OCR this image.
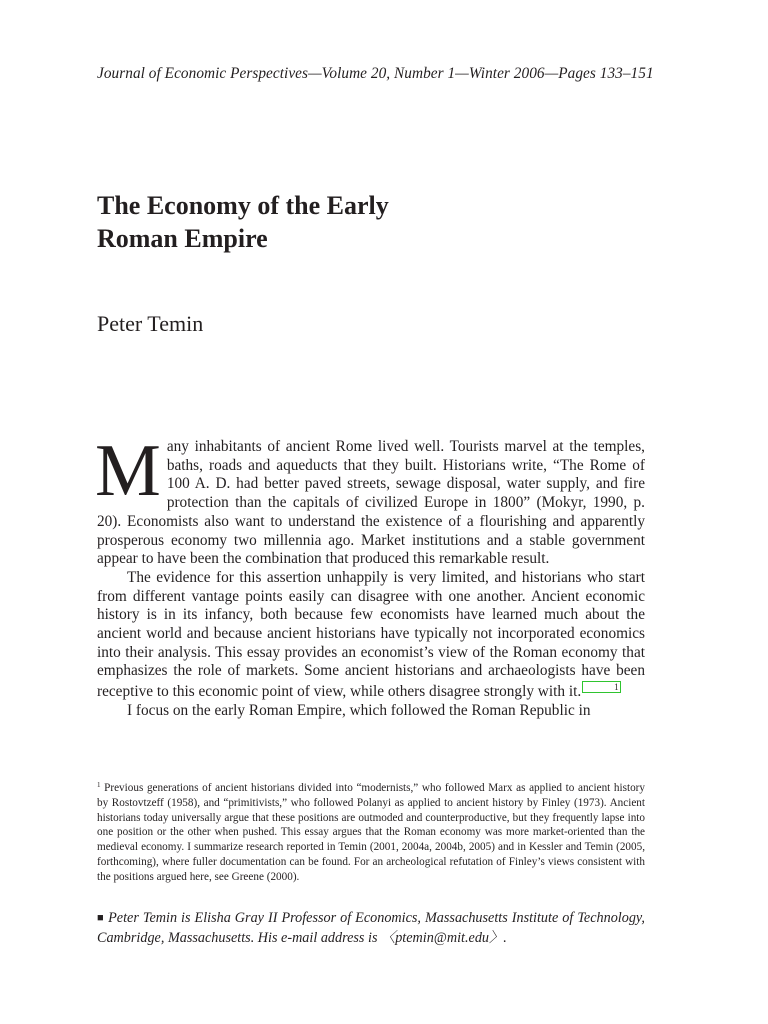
Journal of Economic Perspectives—Volume 20, Number 1—Winter 2006—Pages 133–151
The Economy of the Early
Roman Empire
Peter Temin

Many inhabitants of ancient Rome lived well. Tourists marvel at the temples, baths, roads and aqueducts that they built. Historians write, “The Rome of 100 A. D. had better paved streets, sewage disposal, water supply, and fire protection than the capitals of civilized Europe in 1800” (Mokyr, 1990, p. 20). Economists also want to understand the existence of a flourishing and apparently prosperous economy two millennia ago. Market institutions and a stable government appear to have been the combination that produced this remarkable result.

The evidence for this assertion unhappily is very limited, and historians who start from different vantage points easily can disagree with one another. Ancient economic history is in its infancy, both because few economists have learned much about the ancient world and because ancient historians have typically not incorporated economics into their analysis. This essay provides an economist’s view of the Roman economy that emphasizes the role of markets. Some ancient historians and archaeologists have been receptive to this economic point of view, while others disagree strongly with it.	1

I focus on the early Roman Empire, which followed the Roman Republic in

$^1$ Previous generations of ancient historians divided into “modernists,” who followed Marx as applied to ancient history by Rostovtzeff (1958), and “primitivists,” who followed Polanyi as applied to ancient history by Finley (1973). Ancient historians today universally argue that these positions are outmoded and counterproductive, but they frequently lapse into one position or the other when pushed. This essay argues that the Roman economy was more market-oriented than the medieval economy. I summarize research reported in Temin (2001, 2004a, 2004b, 2005) and in Kessler and Temin (2005, forthcoming), where fuller documentation can be found. For an archeological refutation of Finley’s views consistent with the positions argued here, see Greene (2000).
■ Peter Temin is Elisha Gray II Professor of Economics, Massachusetts Institute of Technology, Cambridge, Massachusetts. His e-mail address is 〈ptemin@mit.edu〉.
